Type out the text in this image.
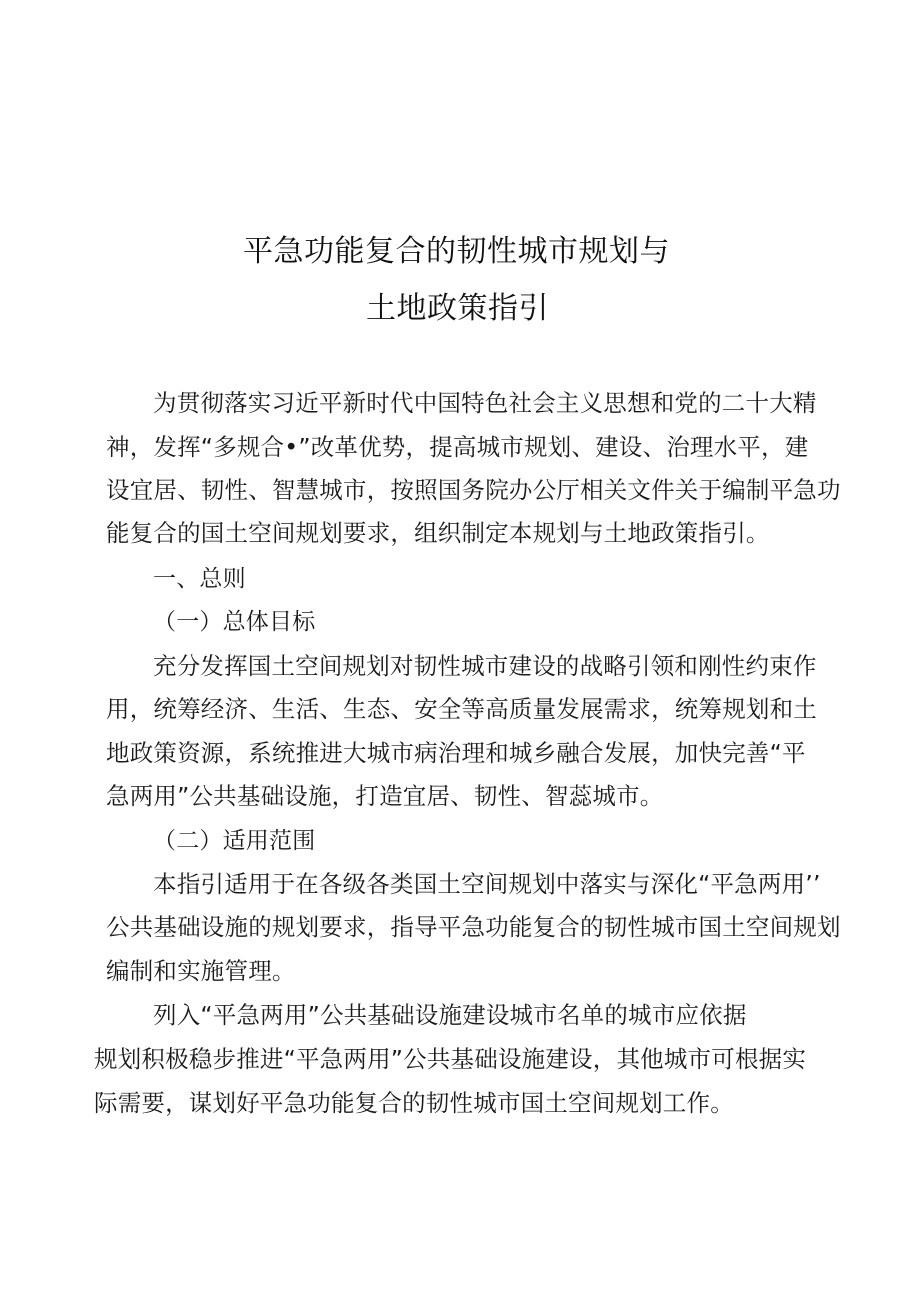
平急功能复合的韧性城市规划与
土地政策指引
为贯彻落实习近平新时代中国特色社会主义思想和党的二十大精
神，发挥“多规合•”改革优势，提高城市规划、建设、治理水平，建
设宜居、韧性、智慧城市，按照国务院办公厅相关文件关于编制平急功
能复合的国土空间规划要求，组织制定本规划与土地政策指引。
一、总则
（一）总体目标
充分发挥国土空间规划对韧性城市建设的战略引领和刚性约束作
用，统筹经济、生活、生态、安全等高质量发展需求，统筹规划和土
地政策资源，系统推进大城市病治理和城乡融合发展，加快完善“平
急两用”公共基础设施，打造宜居、韧性、智蕊城市。
（二）适用范围
本指引适用于在各级各类国土空间规划中落实与深化“平急两用’’
公共基础设施的规划要求，指导平急功能复合的韧性城市国土空间规划
编制和实施管理。
列入“平急两用”公共基础设施建设城市名单的城市应依据
规划积极稳步推进“平急两用”公共基础设施建设，其他城市可根据实
际需要，谋划好平急功能复合的韧性城市国土空间规划工作。
